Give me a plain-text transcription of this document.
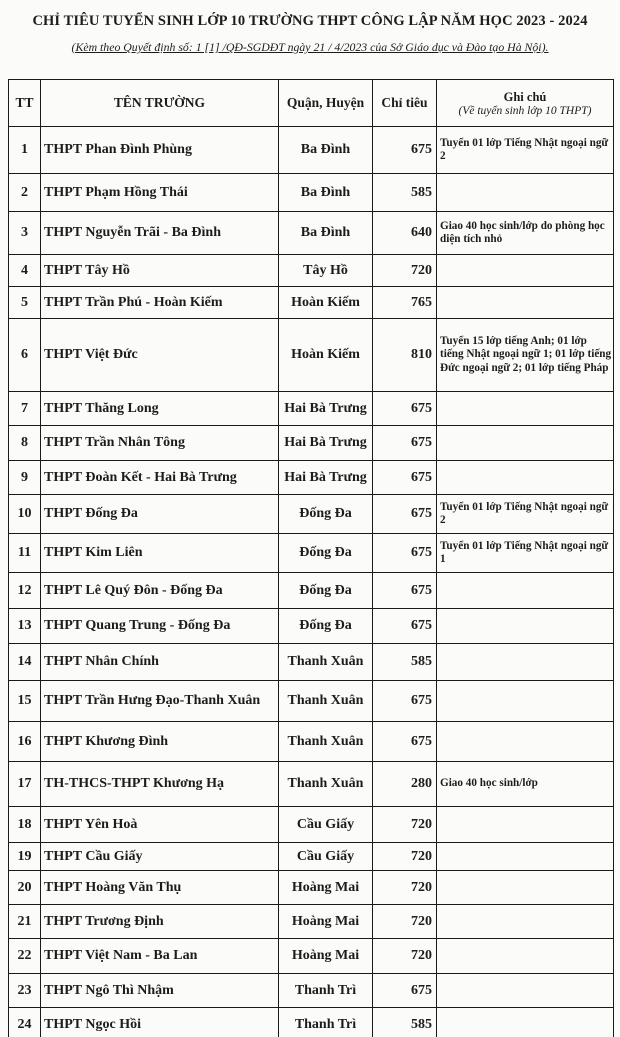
CHỈ TIÊU TUYỂN SINH LỚP 10 TRƯỜNG THPT CÔNG LẬP NĂM HỌC 2023 - 2024
(Kèm theo Quyết định số: 1 [1] /QĐ-SGDĐT ngày 21 / 4/2023 của Sở Giáo dục và Đào tạo Hà Nội).
TT	TÊN TRƯỜNG	Quận, Huyện	Chỉ tiêu	Ghi chú
(Về tuyển sinh lớp 10 THPT)

1	THPT Phan Đình Phùng	Ba Đình	675	Tuyển 01 lớp Tiếng Nhật ngoại ngữ 2
2	THPT Phạm Hồng Thái	Ba Đình	585	
3	THPT Nguyễn Trãi - Ba Đình	Ba Đình	640	Giao 40 học sinh/lớp do phòng học diện tích nhỏ
4	THPT Tây Hồ	Tây Hồ	720	
5	THPT Trần Phú - Hoàn Kiếm	Hoàn Kiếm	765	
6	THPT Việt Đức	Hoàn Kiếm	810	Tuyển 15 lớp tiếng Anh; 01 lớp tiếng Nhật ngoại ngữ 1; 01 lớp tiếng Đức ngoại ngữ 2; 01 lớp tiếng Pháp
7	THPT Thăng Long	Hai Bà Trưng	675	
8	THPT Trần Nhân Tông	Hai Bà Trưng	675	
9	THPT Đoàn Kết - Hai Bà Trưng	Hai Bà Trưng	675	
10	THPT Đống Đa	Đống Đa	675	Tuyển 01 lớp Tiếng Nhật ngoại ngữ 2
11	THPT Kim Liên	Đống Đa	675	Tuyển 01 lớp Tiếng Nhật ngoại ngữ 1
12	THPT Lê Quý Đôn - Đống Đa	Đống Đa	675	
13	THPT Quang Trung - Đống Đa	Đống Đa	675	
14	THPT Nhân Chính	Thanh Xuân	585	
15	THPT Trần Hưng Đạo-Thanh Xuân	Thanh Xuân	675	
16	THPT Khương Đình	Thanh Xuân	675	
17	TH-THCS-THPT Khương Hạ	Thanh Xuân	280	Giao 40 học sinh/lớp
18	THPT Yên Hoà	Cầu Giấy	720	
19	THPT Cầu Giấy	Cầu Giấy	720	
20	THPT Hoàng Văn Thụ	Hoàng Mai	720	
21	THPT Trương Định	Hoàng Mai	720	
22	THPT Việt Nam - Ba Lan	Hoàng Mai	720	
23	THPT Ngô Thì Nhậm	Thanh Trì	675	
24	THPT Ngọc Hồi	Thanh Trì	585	
